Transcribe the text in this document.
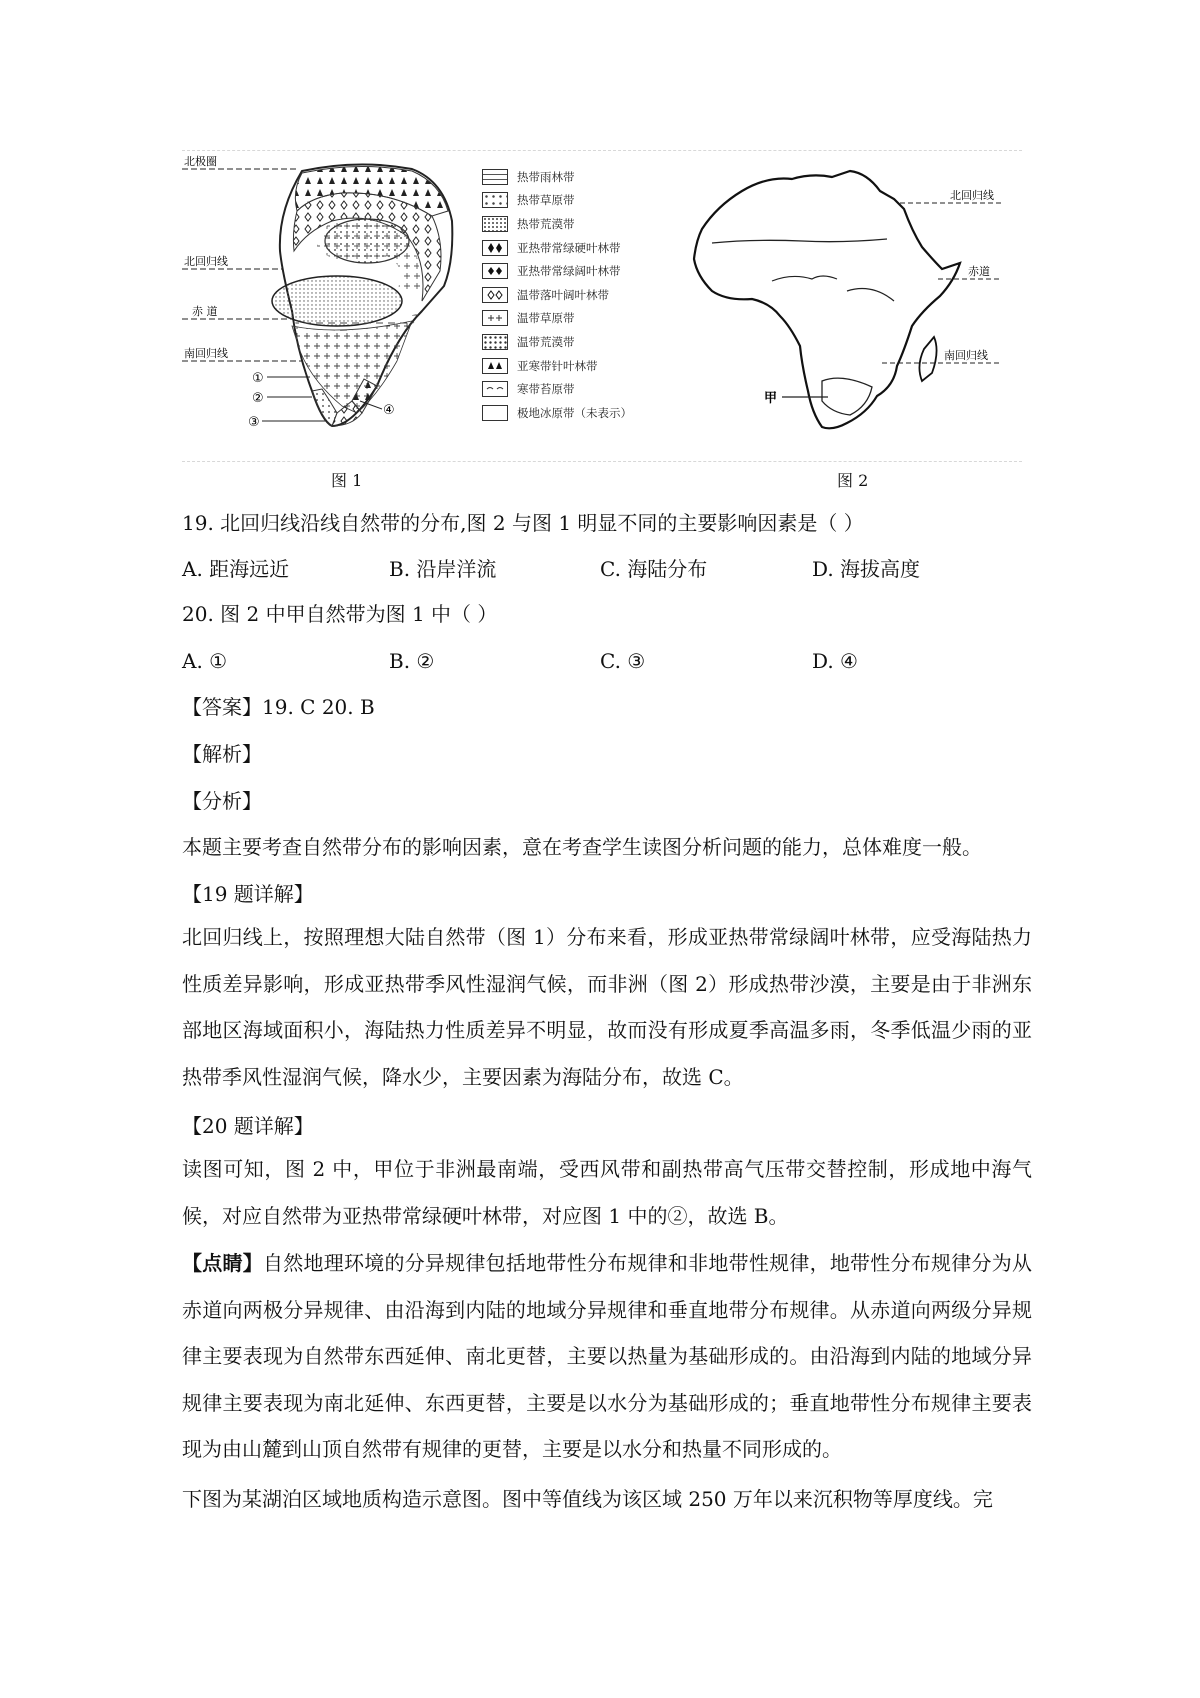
北极圈
北回归线
赤 道
南回归线
①
②
③
④
热带雨林带
热带草原带
热带荒漠带
亚热带常绿硬叶林带
亚热带常绿阔叶林带
温带落叶阔叶林带
温带草原带
温带荒漠带
亚寒带针叶林带
寒带苔原带
极地冰原带（未表示）
北回归线
赤道
南回归线
甲
图 1	图 2
19. 北回归线沿线自然带的分布,图 2 与图 1 明显不同的主要影响因素是（ ）
A. 距海远近	B. 沿岸洋流	C. 海陆分布	D. 海拔高度
20. 图 2 中甲自然带为图 1 中（ ）
A. ①	B. ②	C. ③	D. ④
【答案】19. C 20. B
【解析】
【分析】
本题主要考查自然带分布的影响因素，意在考查学生读图分析问题的能力，总体难度一般。
【19 题详解】
北回归线上，按照理想大陆自然带（图 1）分布来看，形成亚热带常绿阔叶林带，应受海陆热力性质差异影响，形成亚热带季风性湿润气候，而非洲（图 2）形成热带沙漠，主要是由于非洲东部地区海域面积小，海陆热力性质差异不明显，故而没有形成夏季高温多雨，冬季低温少雨的亚热带季风性湿润气候，降水少，主要因素为海陆分布，故选 C。
【20 题详解】
读图可知，图 2 中，甲位于非洲最南端，受西风带和副热带高气压带交替控制，形成地中海气候，对应自然带为亚热带常绿硬叶林带，对应图 1 中的②，故选 B。
【点睛】自然地理环境的分异规律包括地带性分布规律和非地带性规律，地带性分布规律分为从赤道向两极分异规律、由沿海到内陆的地域分异规律和垂直地带分布规律。从赤道向两级分异规律主要表现为自然带东西延伸、南北更替，主要以热量为基础形成的。由沿海到内陆的地域分异规律主要表现为南北延伸、东西更替，主要是以水分为基础形成的；垂直地带性分布规律主要表现为由山麓到山顶自然带有规律的更替，主要是以水分和热量不同形成的。
下图为某湖泊区域地质构造示意图。图中等值线为该区域 250 万年以来沉积物等厚度线。完
